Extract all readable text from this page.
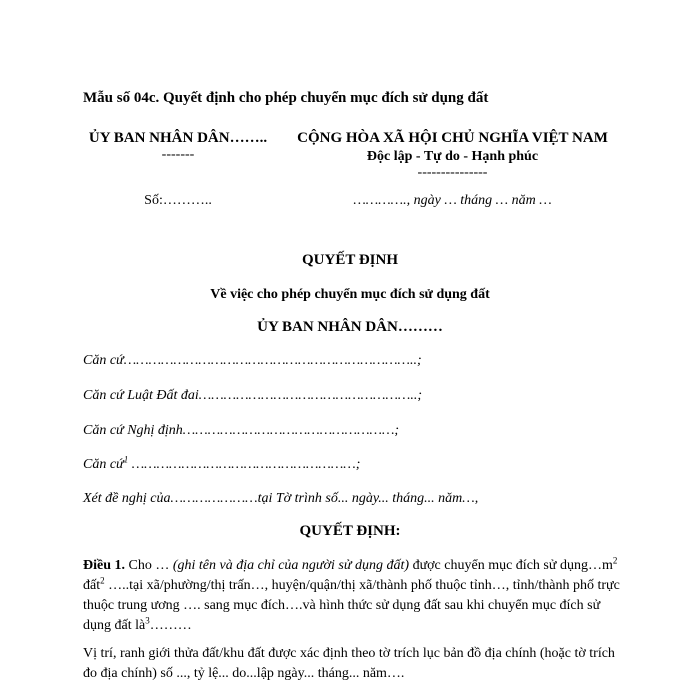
Mẫu số 04c. Quyết định cho phép chuyển mục đích sử dụng đất
ỦY BAN NHÂN DÂN……..
-------
Số:………..
CỘNG HÒA XÃ HỘI CHỦ NGHĨA VIỆT NAM
Độc lập - Tự do - Hạnh phúc
---------------
…………., ngày … tháng … năm …
QUYẾT ĐỊNH
Về việc cho phép chuyển mục đích sử dụng đất
ỦY BAN NHÂN DÂN………
Căn cứ……………………………………………………………..;
Căn cứ Luật Đất đai……………………………………………..;
Căn cứ Nghị định……………………………………………;
Căn cứ$^1$ ………………………………………………;
Xét đề nghị của…………………tại Tờ trình số... ngày... tháng... năm…,
QUYẾT ĐỊNH:
Điều 1. Cho … (ghi tên và địa chỉ của người sử dụng đất) được chuyển mục đích sử $dụng\dots m^2$ đất$^2$ …..tại xã/phường/thị trấn…, huyện/quận/thị xã/thành phố thuộc tỉnh…, tỉnh/thành phố trực thuộc trung ương …. sang mục đích….và hình thức sử dụng đất sau khi chuyển mục đích sử dụng đất $là^3\dots\dots\dots$
Vị trí, ranh giới thửa đất/khu đất được xác định theo tờ trích lục bản đồ địa chính (hoặc tờ trích đo địa chính) số ..., tỷ lệ... do...lập ngày... tháng... năm….
